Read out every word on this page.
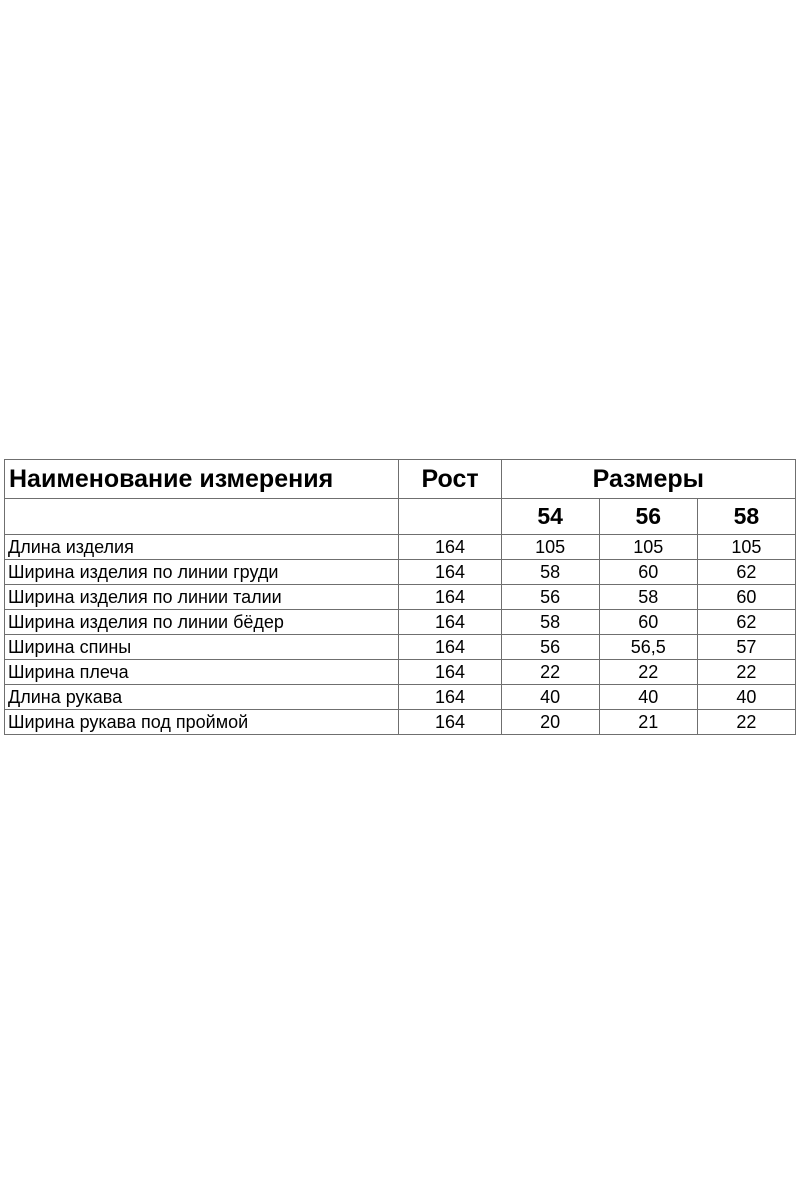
Наименование измерения	Рост	Размеры		
		54	56	58
Длина изделия	164	105	105	105
Ширина изделия по линии груди	164	58	60	62
Ширина изделия по линии талии	164	56	58	60
Ширина изделия по линии бёдер	164	58	60	62
Ширина спины	164	56	56,5	57
Ширина плеча	164	22	22	22
Длина рукава	164	40	40	40
Ширина рукава под проймой	164	20	21	22
